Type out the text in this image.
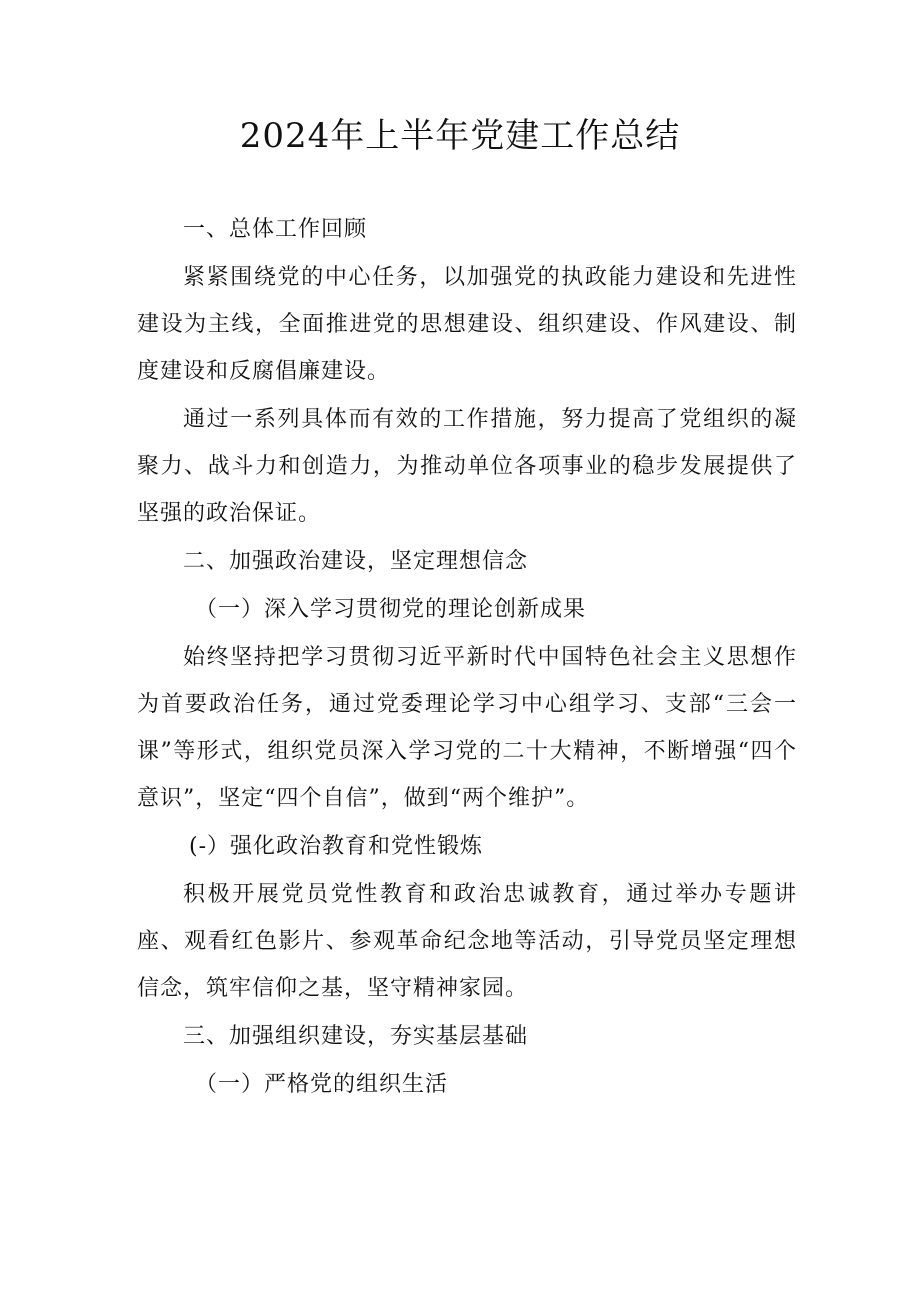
2024年上半年党建工作总结

一、总体工作回顾

紧紧围绕党的中心任务，以加强党的执政能力建设和先进性建设为主线，全面推进党的思想建设、组织建设、作风建设、制度建设和反腐倡廉建设。

通过一系列具体而有效的工作措施，努力提高了党组织的凝聚力、战斗力和创造力，为推动单位各项事业的稳步发展提供了坚强的政治保证。

二、加强政治建设，坚定理想信念

（一）深入学习贯彻党的理论创新成果

始终坚持把学习贯彻习近平新时代中国特色社会主义思想作为首要政治任务，通过党委理论学习中心组学习、支部“三会一课”等形式，组织党员深入学习党的二十大精神，不断增强“四个意识”，坚定“四个自信”，做到“两个维护”。

(-）强化政治教育和党性锻炼

积极开展党员党性教育和政治忠诚教育，通过举办专题讲座、观看红色影片、参观革命纪念地等活动，引导党员坚定理想信念，筑牢信仰之基，坚守精神家园。

三、加强组织建设，夯实基层基础

（一）严格党的组织生活
